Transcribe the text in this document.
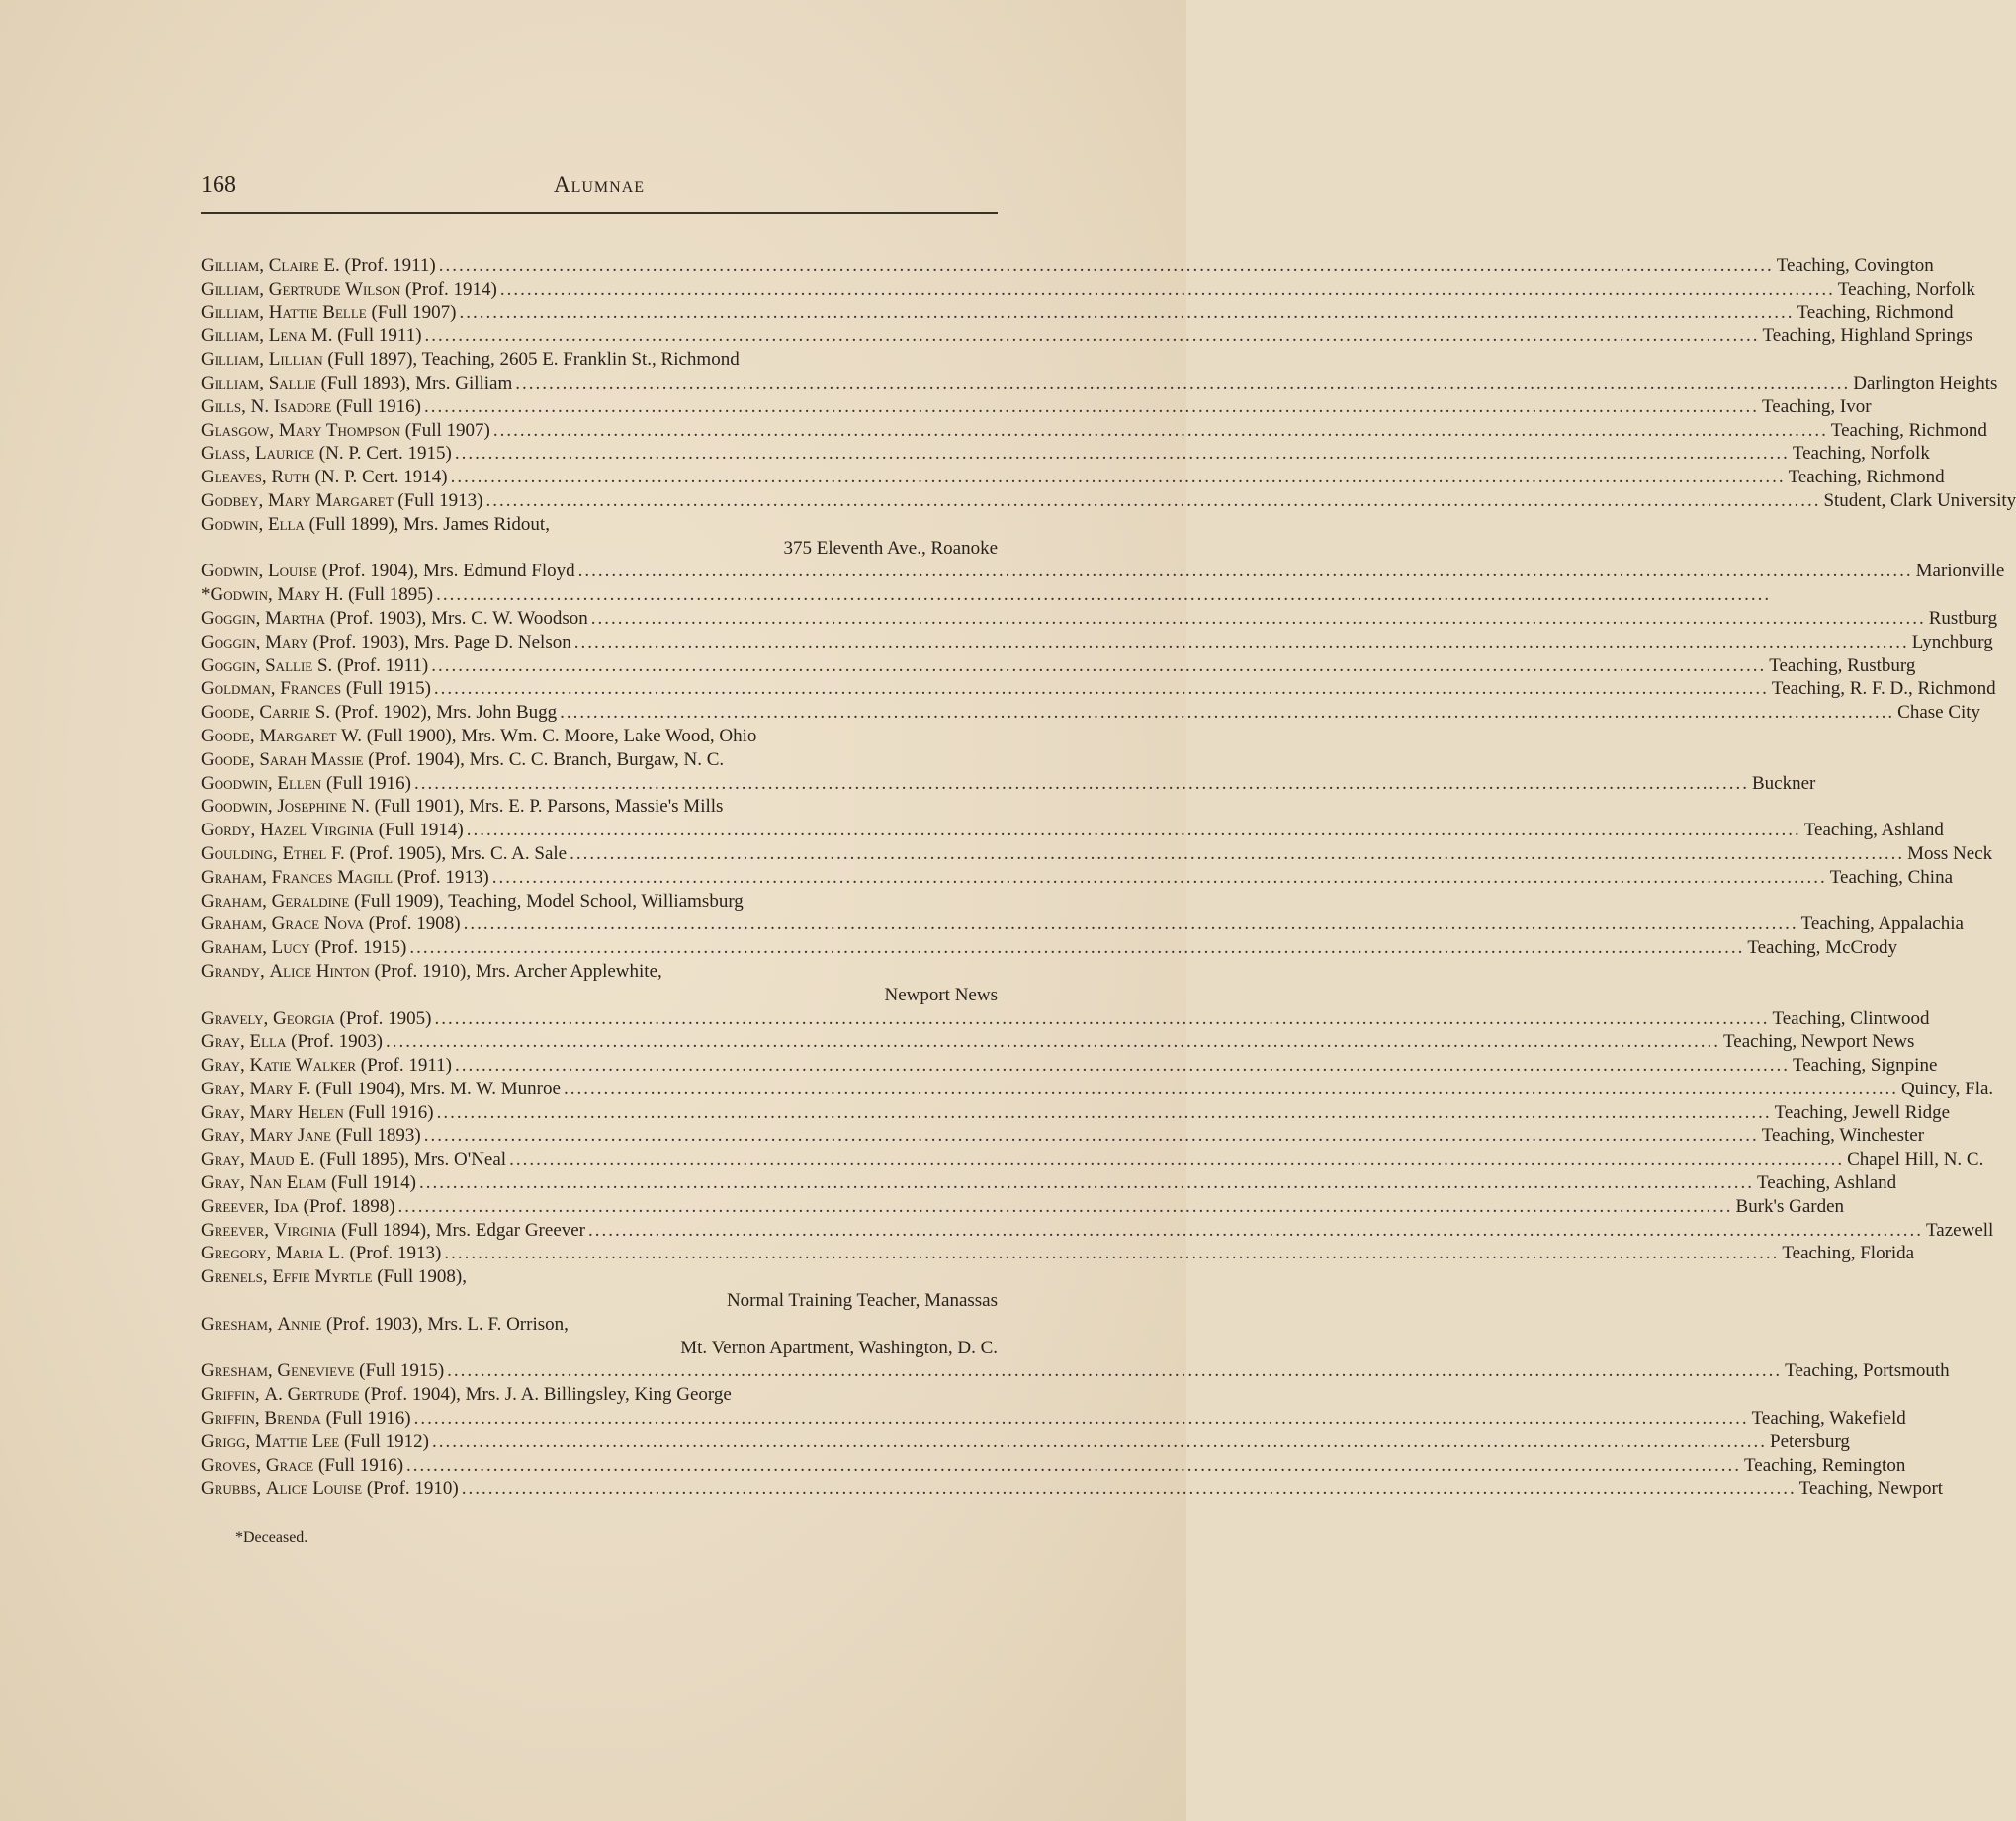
168	Alumnae
Gilliam, Claire E. (Prof. 1911) ........................................................................................................................................................................................................ Teaching, Covington
Gilliam, Gertrude Wilson (Prof. 1914) ........................................................................................................................................................................................................ Teaching, Norfolk
Gilliam, Hattie Belle (Full 1907) ........................................................................................................................................................................................................ Teaching, Richmond
Gilliam, Lena M. (Full 1911) ........................................................................................................................................................................................................ Teaching, Highland Springs
Gilliam, Lillian (Full 1897), Teaching, 2605 E. Franklin St., Richmond
Gilliam, Sallie (Full 1893), Mrs. Gilliam ........................................................................................................................................................................................................ Darlington Heights
Gills, N. Isadore (Full 1916) ........................................................................................................................................................................................................ Teaching, Ivor
Glasgow, Mary Thompson (Full 1907) ........................................................................................................................................................................................................ Teaching, Richmond
Glass, Laurice (N. P. Cert. 1915) ........................................................................................................................................................................................................ Teaching, Norfolk
Gleaves, Ruth (N. P. Cert. 1914) ........................................................................................................................................................................................................ Teaching, Richmond
Godbey, Mary Margaret (Full 1913) ........................................................................................................................................................................................................ Student, Clark University
Godwin, Ella (Full 1899), Mrs. James Ridout,
375 Eleventh Ave., Roanoke
Godwin, Louise (Prof. 1904), Mrs. Edmund Floyd ........................................................................................................................................................................................................ Marionville
*Godwin, Mary H. (Full 1895) ........................................................................................................................................................................................................
Goggin, Martha (Prof. 1903), Mrs. C. W. Woodson ........................................................................................................................................................................................................ Rustburg
Goggin, Mary (Prof. 1903), Mrs. Page D. Nelson ........................................................................................................................................................................................................ Lynchburg
Goggin, Sallie S. (Prof. 1911) ........................................................................................................................................................................................................ Teaching, Rustburg
Goldman, Frances (Full 1915) ........................................................................................................................................................................................................ Teaching, R. F. D., Richmond
Goode, Carrie S. (Prof. 1902), Mrs. John Bugg ........................................................................................................................................................................................................ Chase City
Goode, Margaret W. (Full 1900), Mrs. Wm. C. Moore, Lake Wood, Ohio
Goode, Sarah Massie (Prof. 1904), Mrs. C. C. Branch, Burgaw, N. C.
Goodwin, Ellen (Full 1916) ........................................................................................................................................................................................................ Buckner
Goodwin, Josephine N. (Full 1901), Mrs. E. P. Parsons, Massie's Mills
Gordy, Hazel Virginia (Full 1914) ........................................................................................................................................................................................................ Teaching, Ashland
Goulding, Ethel F. (Prof. 1905), Mrs. C. A. Sale ........................................................................................................................................................................................................ Moss Neck
Graham, Frances Magill (Prof. 1913) ........................................................................................................................................................................................................ Teaching, China
Graham, Geraldine (Full 1909), Teaching, Model School, Williamsburg
Graham, Grace Nova (Prof. 1908) ........................................................................................................................................................................................................ Teaching, Appalachia
Graham, Lucy (Prof. 1915) ........................................................................................................................................................................................................ Teaching, McCrody
Grandy, Alice Hinton (Prof. 1910), Mrs. Archer Applewhite,
Newport News
Gravely, Georgia (Prof. 1905) ........................................................................................................................................................................................................ Teaching, Clintwood
Gray, Ella (Prof. 1903) ........................................................................................................................................................................................................ Teaching, Newport News
Gray, Katie Walker (Prof. 1911) ........................................................................................................................................................................................................ Teaching, Signpine
Gray, Mary F. (Full 1904), Mrs. M. W. Munroe ........................................................................................................................................................................................................ Quincy, Fla.
Gray, Mary Helen (Full 1916) ........................................................................................................................................................................................................ Teaching, Jewell Ridge
Gray, Mary Jane (Full 1893) ........................................................................................................................................................................................................ Teaching, Winchester
Gray, Maud E. (Full 1895), Mrs. O'Neal ........................................................................................................................................................................................................ Chapel Hill, N. C.
Gray, Nan Elam (Full 1914) ........................................................................................................................................................................................................ Teaching, Ashland
Greever, Ida (Prof. 1898) ........................................................................................................................................................................................................ Burk's Garden
Greever, Virginia (Full 1894), Mrs. Edgar Greever ........................................................................................................................................................................................................ Tazewell
Gregory, Maria L. (Prof. 1913) ........................................................................................................................................................................................................ Teaching, Florida
Grenels, Effie Myrtle (Full 1908),
Normal Training Teacher, Manassas
Gresham, Annie (Prof. 1903), Mrs. L. F. Orrison,
Mt. Vernon Apartment, Washington, D. C.
Gresham, Genevieve (Full 1915) ........................................................................................................................................................................................................ Teaching, Portsmouth
Griffin, A. Gertrude (Prof. 1904), Mrs. J. A. Billingsley, King George
Griffin, Brenda (Full 1916) ........................................................................................................................................................................................................ Teaching, Wakefield
Grigg, Mattie Lee (Full 1912) ........................................................................................................................................................................................................ Petersburg
Groves, Grace (Full 1916) ........................................................................................................................................................................................................ Teaching, Remington
Grubbs, Alice Louise (Prof. 1910) ........................................................................................................................................................................................................ Teaching, Newport
*Deceased.
